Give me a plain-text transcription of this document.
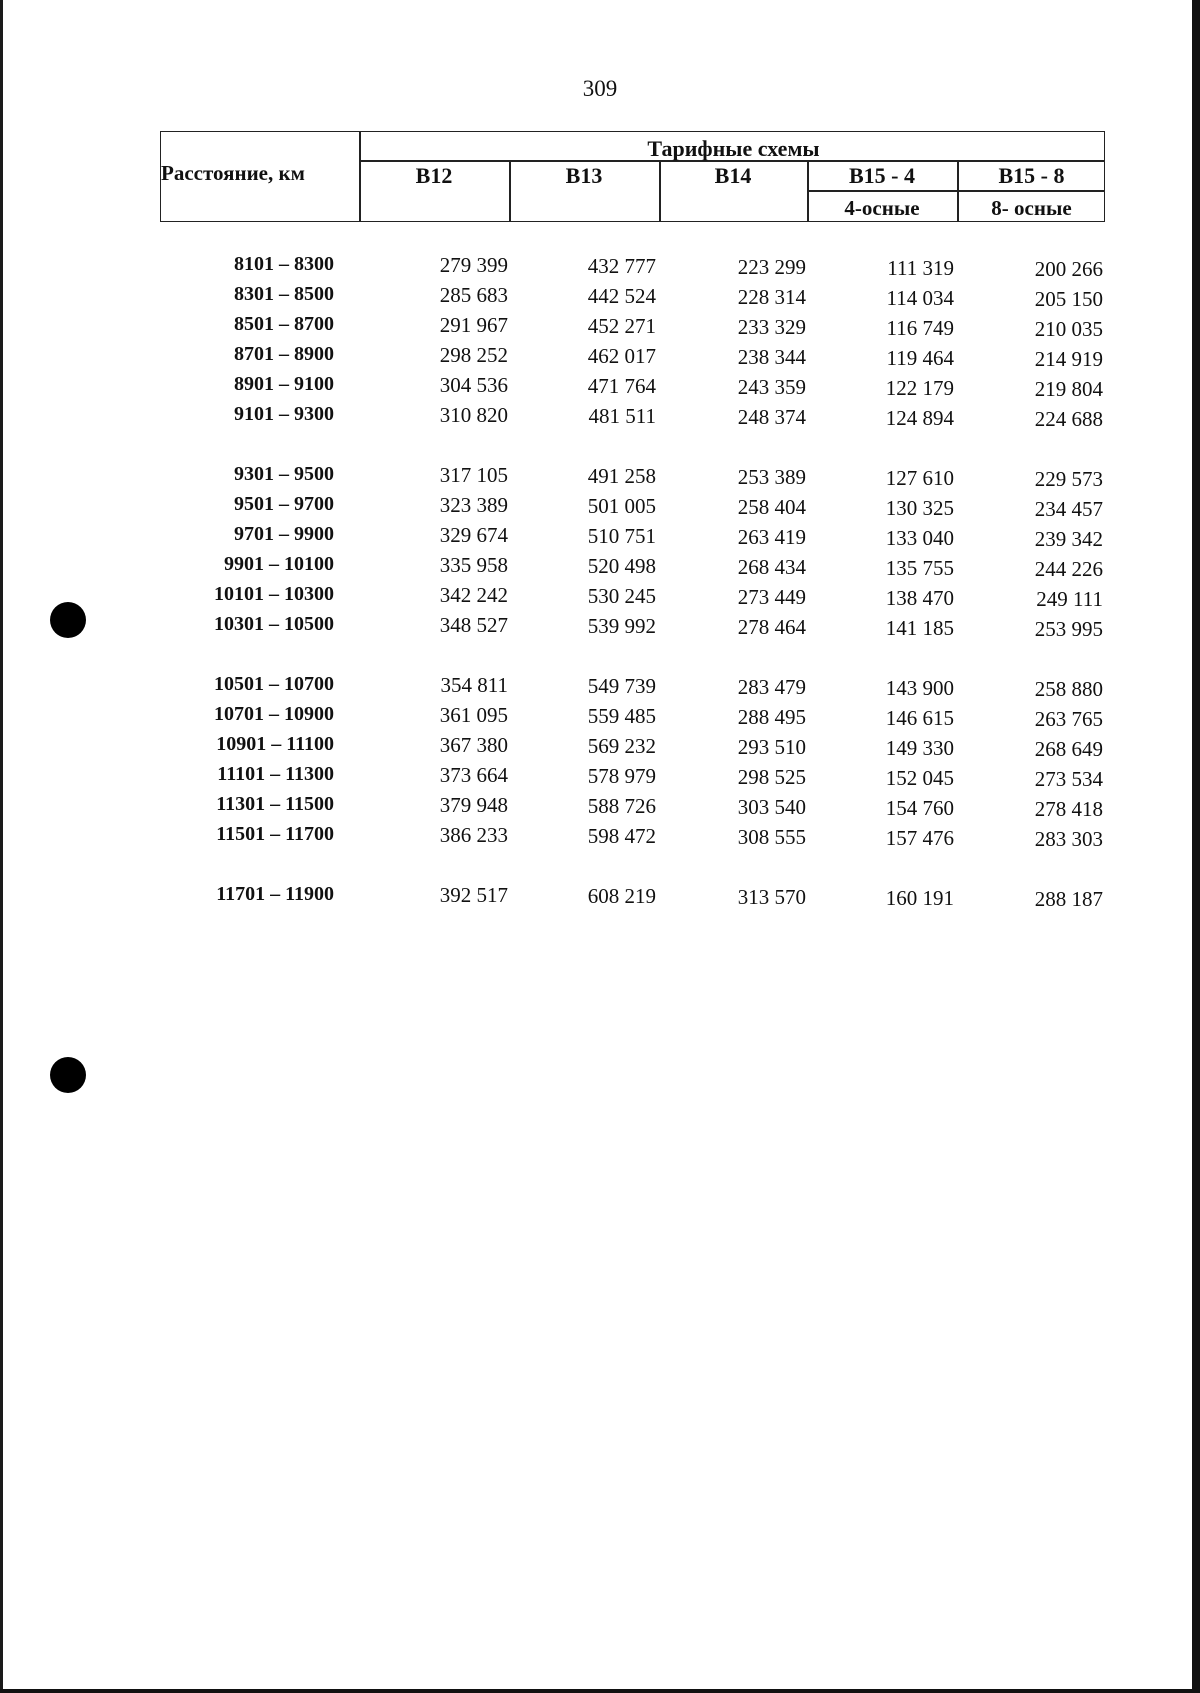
309
Расстояние, км
Тарифные схемы
В12	В13	В14	В15 - 4	В15 - 8
4-осные	8- осные
8101 – 8300	279 399	432 777	223 299	111 319	200 266
8301 – 8500	285 683	442 524	228 314	114 034	205 150
8501 – 8700	291 967	452 271	233 329	116 749	210 035
8701 – 8900	298 252	462 017	238 344	119 464	214 919
8901 – 9100	304 536	471 764	243 359	122 179	219 804
9101 – 9300	310 820	481 511	248 374	124 894	224 688
9301 – 9500	317 105	491 258	253 389	127 610	229 573
9501 – 9700	323 389	501 005	258 404	130 325	234 457
9701 – 9900	329 674	510 751	263 419	133 040	239 342
9901 – 10100	335 958	520 498	268 434	135 755	244 226
10101 – 10300	342 242	530 245	273 449	138 470	249 111
10301 – 10500	348 527	539 992	278 464	141 185	253 995
10501 – 10700	354 811	549 739	283 479	143 900	258 880
10701 – 10900	361 095	559 485	288 495	146 615	263 765
10901 – 11100	367 380	569 232	293 510	149 330	268 649
11101 – 11300	373 664	578 979	298 525	152 045	273 534
11301 – 11500	379 948	588 726	303 540	154 760	278 418
11501 – 11700	386 233	598 472	308 555	157 476	283 303
11701 – 11900	392 517	608 219	313 570	160 191	288 187
